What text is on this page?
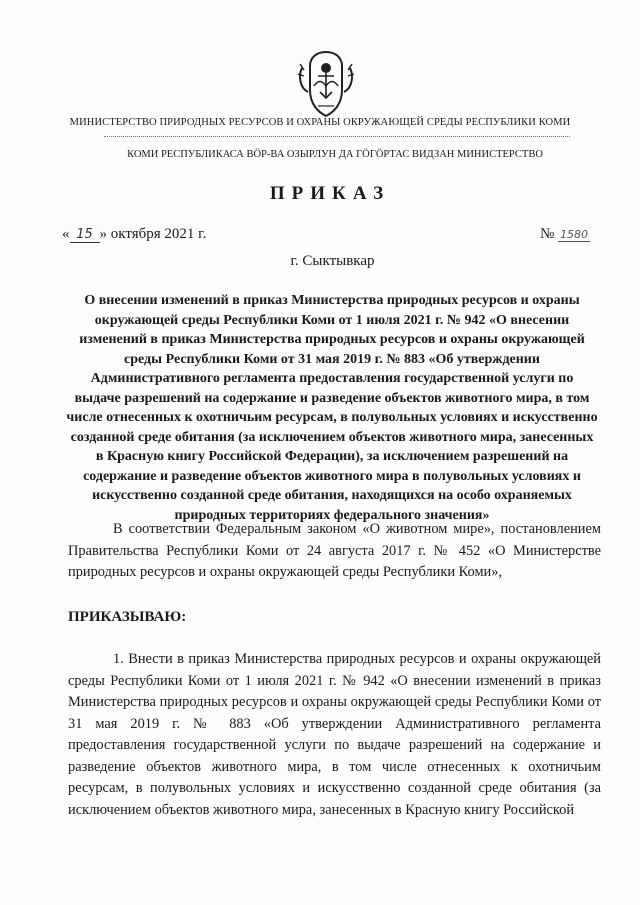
МИНИСТЕРСТВО ПРИРОДНЫХ РЕСУРСОВ И ОХРАНЫ ОКРУЖАЮЩЕЙ СРЕДЫ РЕСПУБЛИКИ КОМИ
КОМИ РЕСПУБЛИКАСА ВӦР-ВА ОЗЫРЛУН ДА ГӦГӦРТАС ВИДЗАН МИНИСТЕРСТВО
ПРИКАЗ
« 15 » октября 2021 г.	№ 1580
г. Сыктывкар
О внесении изменений в приказ Министерства природных ресурсов и охраны окружающей среды Республики Коми от 1 июля 2021 г. № 942 «О внесении изменений в приказ Министерства природных ресурсов и охраны окружающей среды Республики Коми от 31 мая 2019 г. № 883 «Об утверждении Административного регламента предоставления государственной услуги по выдаче разрешений на содержание и разведение объектов животного мира, в том числе отнесенных к охотничьим ресурсам, в полувольных условиях и искусственно созданной среде обитания (за исключением объектов животного мира, занесенных в Красную книгу Российской Федерации), за исключением разрешений на содержание и разведение объектов животного мира в полувольных условиях и искусственно созданной среде обитания, находящихся на особо охраняемых природных территориях федерального значения»
В соответствии Федеральным законом «О животном мире», постановлением Правительства Республики Коми от 24 августа 2017 г. № 452 «О Министерстве природных ресурсов и охраны окружающей среды Республики Коми»,
ПРИКАЗЫВАЮ:
1. Внести в приказ Министерства природных ресурсов и охраны окружающей среды Республики Коми от 1 июля 2021 г. № 942 «О внесении изменений в приказ Министерства природных ресурсов и охраны окружающей среды Республики Коми от 31 мая 2019 г. № 883 «Об утверждении Административного регламента предоставления государственной услуги по выдаче разрешений на содержание и разведение объектов животного мира, в том числе отнесенных к охотничьим ресурсам, в полувольных условиях и искусственно созданной среде обитания (за исключением объектов животного мира, занесенных в Красную книгу Российской
